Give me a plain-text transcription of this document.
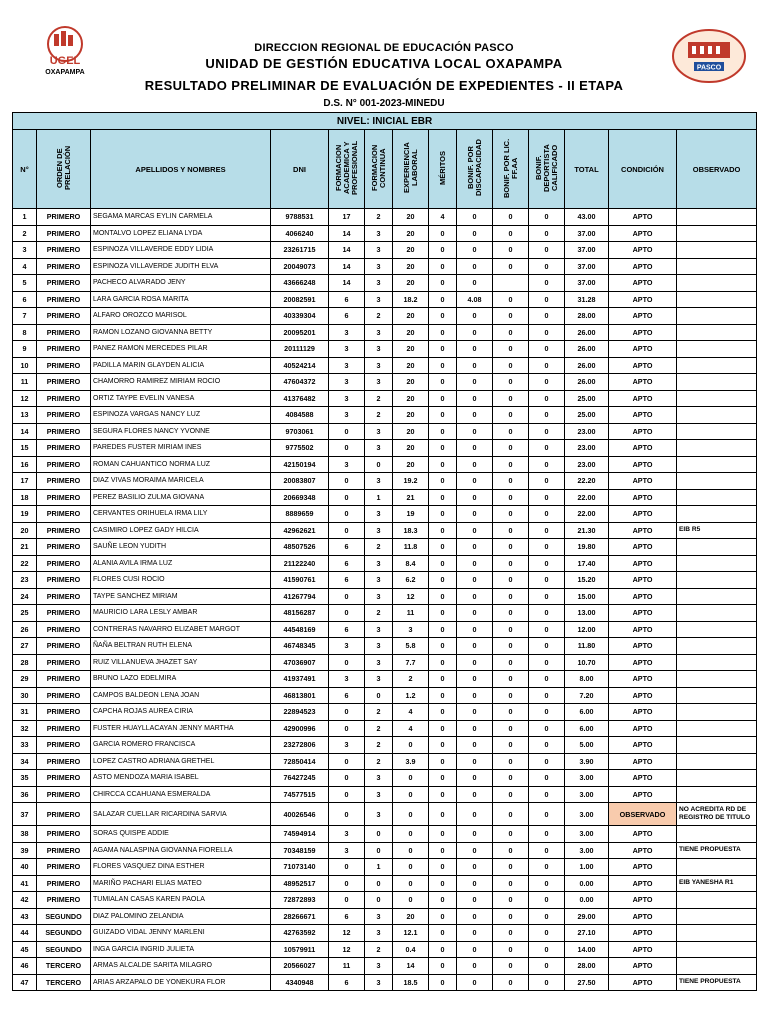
UGEL
OXAPAMPA
PASCO
DIRECCION REGIONAL DE EDUCACIÓN PASCO
UNIDAD DE GESTIÓN EDUCATIVA LOCAL OXAPAMPA
RESULTADO PRELIMINAR DE EVALUACIÓN DE EXPEDIENTES - II ETAPA
D.S. N° 001-2023-MINEDU
NIVEL: INICIAL EBR													
N°	ORDEN DE PRELACIÓN	APELLIDOS Y NOMBRES	DNI	FORMACION ACADEMICA Y PROFESIONAL	FORMACION CONTINUA	EXPERIENCIA LABORAL	MÉRITOS	BONIF. POR DISCAPACIDAD	BONIF. POR LIC. FF.AA	BONIF. DEPORTISTA CALIFICADO	TOTAL	CONDICIÓN	OBSERVADO
1	PRIMERO	SEGAMA MARCAS EYLIN CARMELA	9788531	17	2	20	4	0	0	0	43.00	APTO	
2	PRIMERO	MONTALVO LOPEZ ELIANA LYDA	4066240	14	3	20	0	0	0	0	37.00	APTO	
3	PRIMERO	ESPINOZA VILLAVERDE EDDY LIDIA	23261715	14	3	20	0	0	0	0	37.00	APTO	
4	PRIMERO	ESPINOZA VILLAVERDE JUDITH ELVA	20049073	14	3	20	0	0	0	0	37.00	APTO	
5	PRIMERO	PACHECO ALVARADO JENY	43666248	14	3	20	0	0		0	37.00	APTO	
6	PRIMERO	LARA GARCIA ROSA MARITA	20082591	6	3	18.2	0	4.08	0	0	31.28	APTO	
7	PRIMERO	ALFARO OROZCO MARISOL	40339304	6	2	20	0	0	0	0	28.00	APTO	
8	PRIMERO	RAMON LOZANO GIOVANNA BETTY	20095201	3	3	20	0	0	0	0	26.00	APTO	
9	PRIMERO	PANEZ RAMON MERCEDES PILAR	20111129	3	3	20	0	0	0	0	26.00	APTO	
10	PRIMERO	PADILLA MARIN GLAYDEN ALICIA	40524214	3	3	20	0	0	0	0	26.00	APTO	
11	PRIMERO	CHAMORRO RAMIREZ MIRIAM ROCIO	47604372	3	3	20	0	0	0	0	26.00	APTO	
12	PRIMERO	ORTIZ TAYPE EVELIN VANESA	41376482	3	2	20	0	0	0	0	25.00	APTO	
13	PRIMERO	ESPINOZA VARGAS NANCY LUZ	4084588	3	2	20	0	0	0	0	25.00	APTO	
14	PRIMERO	SEGURA FLORES NANCY YVONNE	9703061	0	3	20	0	0	0	0	23.00	APTO	
15	PRIMERO	PAREDES FUSTER MIRIAM INES	9775502	0	3	20	0	0	0	0	23.00	APTO	
16	PRIMERO	ROMAN CAHUANTICO NORMA LUZ	42150194	3	0	20	0	0	0	0	23.00	APTO	
17	PRIMERO	DIAZ VIVAS MORAIMA MARICELA	20083807	0	3	19.2	0	0	0	0	22.20	APTO	
18	PRIMERO	PEREZ BASILIO ZULMA GIOVANA	20669348	0	1	21	0	0	0	0	22.00	APTO	
19	PRIMERO	CERVANTES ORIHUELA IRMA LILY	8889659	0	3	19	0	0	0	0	22.00	APTO	
20	PRIMERO	CASIMIRO LOPEZ GADY HILCIA	42962621	0	3	18.3	0	0	0	0	21.30	APTO	EIB R5
21	PRIMERO	SAUÑE LEON YUDITH	48507526	6	2	11.8	0	0	0	0	19.80	APTO	
22	PRIMERO	ALANIA AVILA IRMA LUZ	21122240	6	3	8.4	0	0	0	0	17.40	APTO	
23	PRIMERO	FLORES CUSI ROCIO	41590761	6	3	6.2	0	0	0	0	15.20	APTO	
24	PRIMERO	TAYPE SANCHEZ MIRIAM	41267794	0	3	12	0	0	0	0	15.00	APTO	
25	PRIMERO	MAURICIO LARA LESLY AMBAR	48156287	0	2	11	0	0	0	0	13.00	APTO	
26	PRIMERO	CONTRERAS NAVARRO ELIZABET MARGOT	44548169	6	3	3	0	0	0	0	12.00	APTO	
27	PRIMERO	ÑAÑA BELTRAN RUTH ELENA	46748345	3	3	5.8	0	0	0	0	11.80	APTO	
28	PRIMERO	RUIZ VILLANUEVA JHAZET SAY	47036907	0	3	7.7	0	0	0	0	10.70	APTO	
29	PRIMERO	BRUNO LAZO EDELMIRA	41937491	3	3	2	0	0	0	0	8.00	APTO	
30	PRIMERO	CAMPOS BALDEON LENA JOAN	46813801	6	0	1.2	0	0	0	0	7.20	APTO	
31	PRIMERO	CAPCHA ROJAS AUREA CIRIA	22894523	0	2	4	0	0	0	0	6.00	APTO	
32	PRIMERO	FUSTER HUAYLLACAYAN JENNY MARTHA	42900996	0	2	4	0	0	0	0	6.00	APTO	
33	PRIMERO	GARCIA ROMERO FRANCISCA	23272806	3	2	0	0	0	0	0	5.00	APTO	
34	PRIMERO	LOPEZ CASTRO ADRIANA GRETHEL	72850414	0	2	3.9	0	0	0	0	3.90	APTO	
35	PRIMERO	ASTO MENDOZA MARIA ISABEL	76427245	0	3	0	0	0	0	0	3.00	APTO	
36	PRIMERO	CHIRCCA CCAHUANA ESMERALDA	74577515	0	3	0	0	0	0	0	3.00	APTO	
37	PRIMERO	SALAZAR CUELLAR RICARDINA SARVIA	40026546	0	3	0	0	0	0	0	3.00	OBSERVADO	NO ACREDITA RD DE REGISTRO DE TITULO
38	PRIMERO	SORAS QUISPE ADDIE	74594914	3	0	0	0	0	0	0	3.00	APTO	
39	PRIMERO	AGAMA NALASPINA GIOVANNA FIORELLA	70348159	3	0	0	0	0	0	0	3.00	APTO	TIENE PROPUESTA
40	PRIMERO	FLORES VASQUEZ DINA ESTHER	71073140	0	1	0	0	0	0	0	1.00	APTO	
41	PRIMERO	MARIÑO PACHARI ELIAS MATEO	48952517	0	0	0	0	0	0	0	0.00	APTO	EIB YANESHA R1
42	PRIMERO	TUMIALAN CASAS KAREN PAOLA	72872893	0	0	0	0	0	0	0	0.00	APTO	
43	SEGUNDO	DIAZ PALOMINO ZELANDIA	28266671	6	3	20	0	0	0	0	29.00	APTO	
44	SEGUNDO	GUIZADO VIDAL JENNY MARLENI	42763592	12	3	12.1	0	0	0	0	27.10	APTO	
45	SEGUNDO	INGA GARCIA INGRID JULIETA	10579911	12	2	0.4	0	0	0	0	14.00	APTO	
46	TERCERO	ARMAS ALCALDE SARITA MILAGRO	20566027	11	3	14	0	0	0	0	28.00	APTO	
47	TERCERO	ARIAS ARZAPALO DE YONEKURA FLOR	4340948	6	3	18.5	0	0	0	0	27.50	APTO	TIENE PROPUESTA
